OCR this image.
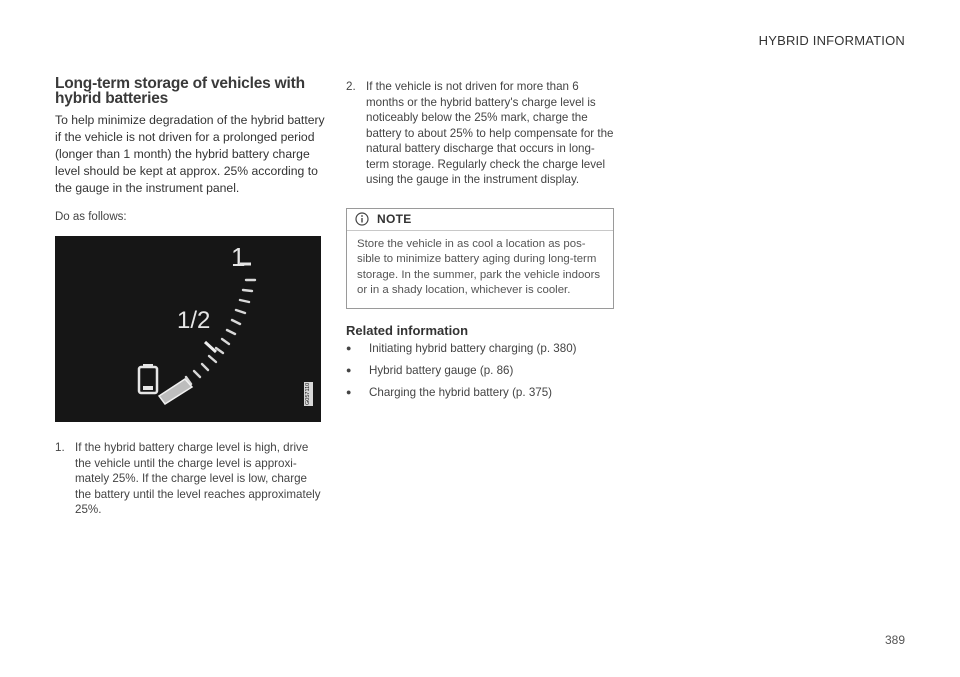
HYBRID INFORMATION
Long-term storage of vehicles with hybrid batteries

To help minimize degradation of the hybrid battery if the vehicle is not driven for a prolonged period (longer than 1 month) the hybrid battery charge level should be kept at approx. 25% according to the gauge in the instrument panel.

Do as follows:

1
1/2
G057110
1. If the hybrid battery charge level is high, drive the vehicle until the charge level is approximately 25%. If the charge level is low, charge the battery until the level reaches approximately 25%.
2. If the vehicle is not driven for more than 6 months or the hybrid battery's charge level is noticeably below the 25% mark, charge the battery to about 25% to help compensate for the natural battery discharge that occurs in long-term storage. Regularly check the charge level using the gauge in the instrument display.
NOTE

Store the vehicle in as cool a location as possible to minimize battery aging during long-term storage. In the summer, park the vehicle indoors or in a shady location, whichever is cooler.

Related information
●	Initiating hybrid battery charging (p. 380)
●	Hybrid battery gauge (p. 86)
●	Charging the hybrid battery (p. 375)
389
